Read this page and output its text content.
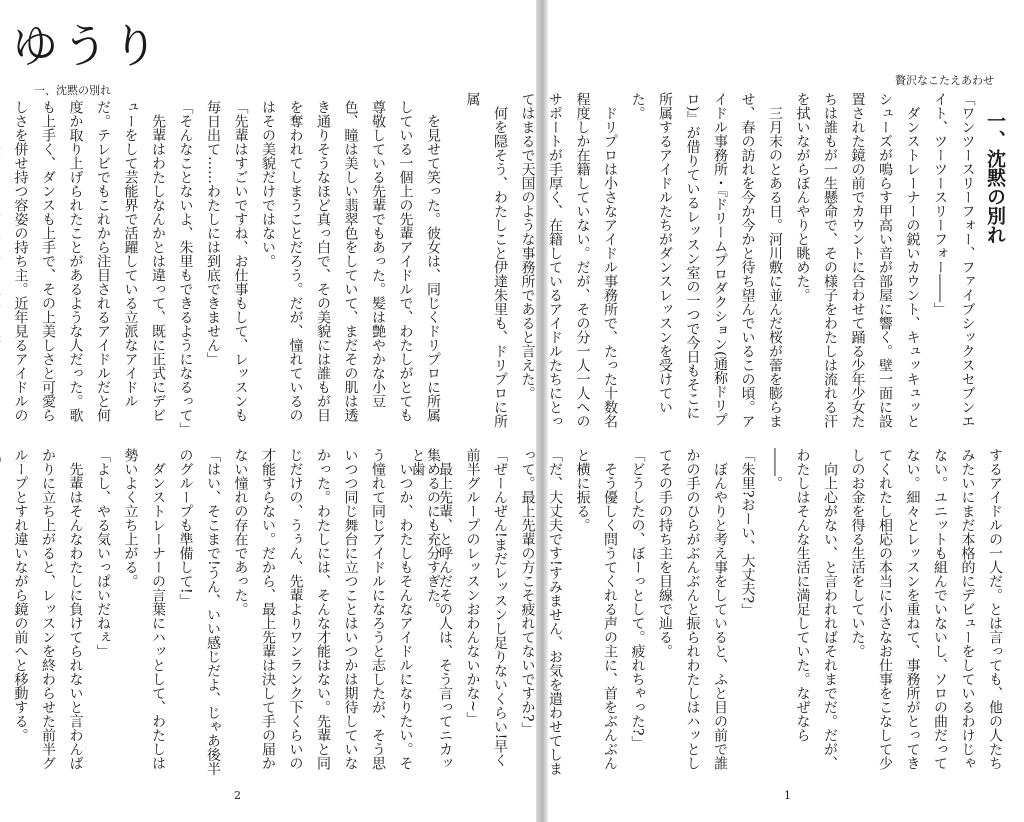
ゆうり
一、沈黙の別れ

を見せて笑った。彼女は、同じくドリプロに所属している一個上の先輩アイドルで、わたしがとても尊敬している先輩でもあった。髪は艶やかな小豆色、瞳は美しい翡翠色をしていて、まだその肌は透き通りそうなほど真っ白で、その美貌には誰もが目を奪われてしまうことだろう。だが、憧れているのはその美貌だけではない。

「先輩はすごいですね、お仕事もして、レッスンも毎日出て……わたしには到底できません」

「そんなことないよ、朱里もできるようになるって」

先輩はわたしなんかとは違って、既に正式にデビューをして芸能界で活躍している立派なアイドルだ。テレビでもこれから注目されるアイドルだと何度か取り上げられたことがあるような人だった。歌も上手く、ダンスも上手で、その上美しさと可愛らしさを併せ持つ容姿の持ち主。近年見るアイドルの

集めるのにも充分すぎた。

いつか、わたしもそんなアイドルになりたい。そう憧れて同じアイドルになろうと志したが、そう思いつつ同じ舞台に立つことはいつかは期待していなかった。わたしには、そんな才能はない。先輩と同じだけの、うぅん、先輩よりワンランク下くらいの才能すらない。だから、最上先輩は決して手の届かない憧れの存在であった。

「はい、そこまで!うん、いい感じだよ、じゃあ後半のグループも準備して!」

ダンストレーナーの言葉にハッとして、わたしは勢いよく立ち上がる。

「よし、やる気いっぱいだねぇ」

先輩はそんなわたしに負けてられないと言わんばかりに立ち上がると、レッスンを終わらせた前半グループとすれ違いながら鏡の前へと移動する。

2
贅沢なこたえあわせ

一、沈黙の別れ

「ワンツースリーフォー、ファイブシックスセブンエイト、ツーツースリーフォー――」

ダンストレーナーの鋭いカウント、キュッキュッとシューズが鳴らす甲高い音が部屋に響く。壁一面に設置された鏡の前でカウントに合わせて踊る少年少女たちは誰もが一生懸命で、その様子をわたしは流れる汗を拭いながらぼんやりと眺めた。

三月末のとある日。河川敷に並んだ桜が蕾を膨らませ、春の訪れを今か今かと待ち望んでいるこの頃。アイドル事務所・『ドリームプロダクション(通称ドリプロ)』が借りているレッスン室の一つで今日もそこに所属するアイドルたちがダンスレッスンを受けていた。

ドリプロは小さなアイドル事務所で、たった十数名程度しか在籍していない。だが、その分一人一人へのサポートが手厚く、在籍しているアイドルたちにとってはまるで天国のような事務所であると言えた。

何を隠そう、わたしこと伊達朱里も、ドリプロに所属

するアイドルの一人だ。とは言っても、他の人たちみたいにまだ本格的にデビューをしているわけじゃない。ユニットも組んでいないし、ソロの曲だってない。細々とレッスンを重ねて、事務所がとってきてくれたし相応の本当に小さなお仕事をこなして少しのお金を得る生活をしていた。

向上心がない、と言われればそれまでだ。だが、わたしはそんな生活に満足していた。なぜなら――。

「朱里?おーい、大丈夫?」

ぼんやりと考え事をしていると、ふと目の前で誰かの手のひらがぶんぶんと振られわたしはハッとしてその手の持ち主を目線で辿る。

「どうしたの、ぼーっとして。疲れちゃった?」

そう優しく問うてくれる声の主に、首をぶんぶんと横に振る。

「だ、大丈夫です!すみません、お気を遣わせてしまって。最上先輩の方こそ疲れてないですか?」

「ぜーんぜん!まだレッスンし足りないくらい!早く前半グループのレッスンおわんないかな~」

最上先輩、と呼んだその人は、そう言ってニカッと歯

1
